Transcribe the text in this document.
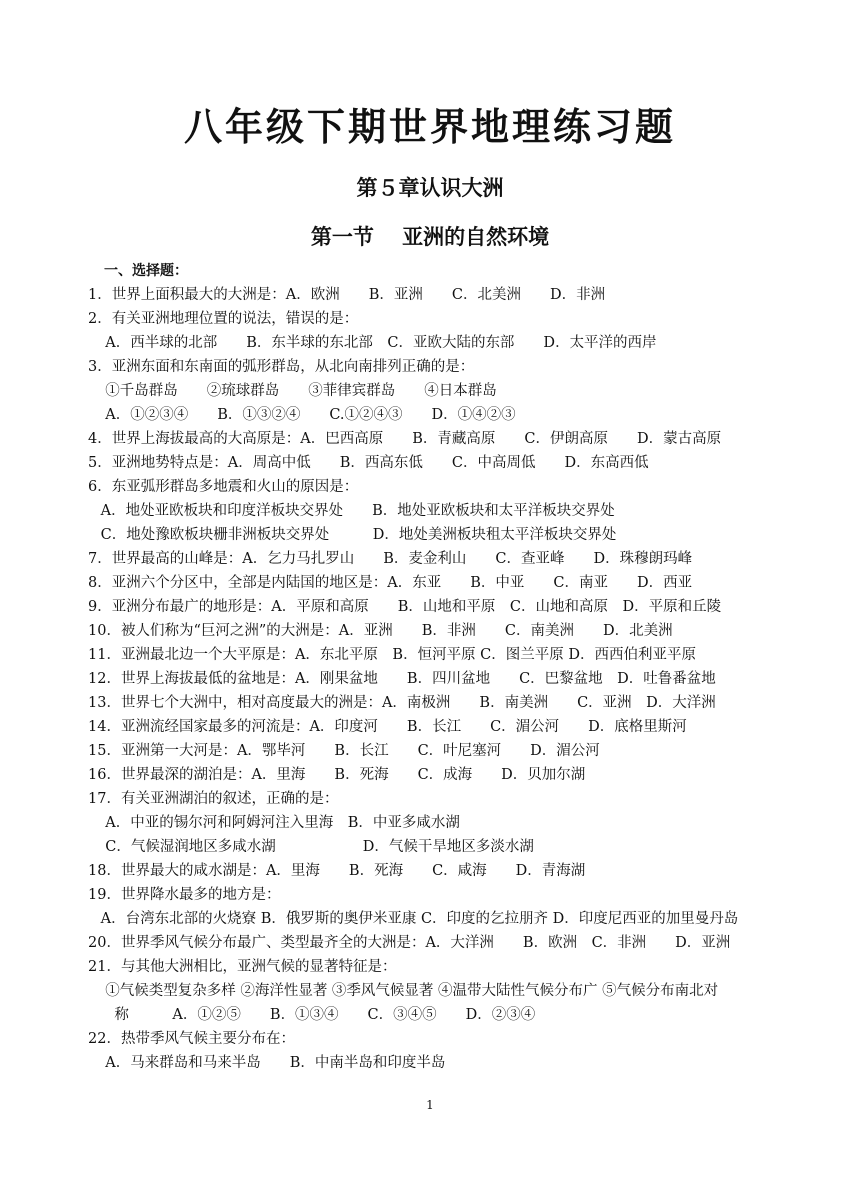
八年级下期世界地理练习题
第５章认识大洲
第一节　 亚洲的自然环境
一、选择题：
1．世界上面积最大的大洲是：A．欧洲　　B．亚洲　　C．北美洲　　D．非洲
2．有关亚洲地理位置的说法，错误的是：
A．西半球的北部　　B．东半球的东北部　C．亚欧大陆的东部　　D．太平洋的西岸
3．亚洲东面和东南面的弧形群岛，从北向南排列正确的是：
①千岛群岛　　②琉球群岛　　③菲律宾群岛　　④日本群岛
A．①②③④　　B．①③②④　　C.①②④③　　D．①④②③
4．世界上海拔最高的大高原是：A．巴西高原　　B．青藏高原　　C．伊朗高原　　D．蒙古高原
5．亚洲地势特点是：A．周高中低　　B．西高东低　　C．中高周低　　D．东高西低
6．东亚弧形群岛多地震和火山的原因是：
A．地处亚欧板块和印度洋板块交界处　　B．地处亚欧板块和太平洋板块交界处
C．地处豫欧板块栅非洲板块交界处　　　D．地处美洲板块租太平洋板块交界处
7．世界最高的山峰是：A．乞力马扎罗山　　B．麦金利山　　C．查亚峰　　D．珠穆朗玛峰
8．亚洲六个分区中，全部是内陆国的地区是：A．东亚　　B．中亚　　C．南亚　　D．西亚
9．亚洲分布最广的地形是：A．平原和高原　　B．山地和平原　C．山地和高原　D．平原和丘陵
10．被人们称为“巨河之洲”的大洲是：A．亚洲　　B．非洲　　C．南美洲　　D．北美洲
11．亚洲最北边一个大平原是：A．东北平原　B．恒河平原 C．图兰平原 D．西西伯利亚平原
12．世界上海拔最低的盆地是：A．刚果盆地　　B．四川盆地　　C．巴黎盆地　D．吐鲁番盆地
13．世界七个大洲中，相对高度最大的洲是：A．南极洲　　B．南美洲　　C．亚洲　D．大洋洲
14．亚洲流经国家最多的河流是：A．印度河　　B．长江　　C．湄公河　　D．底格里斯河
15．亚洲第一大河是：A．鄂毕河　　B．长江　　C．叶尼塞河　　D．湄公河
16．世界最深的湖泊是：A．里海　　B．死海　　C．成海　　D．贝加尔湖
17．有关亚洲湖泊的叙述，正确的是：
A．中亚的锡尔河和阿姆河注入里海　B．中亚多咸水湖
C．气候湿润地区多咸水湖　　　　　　D．气候干旱地区多淡水湖
18．世界最大的咸水湖是：A．里海　　B．死海　　C．咸海　　D．青海湖
19．世界降水最多的地方是：
A．台湾东北部的火烧寮 B．俄罗斯的奥伊米亚康 C．印度的乞拉朋齐 D．印度尼西亚的加里曼丹岛
20．世界季风气候分布最广、类型最齐全的大洲是：A．大洋洲　　B．欧洲　C．非洲　　D．亚洲
21．与其他大洲相比，亚洲气候的显著特征是：
①气候类型复杂多样 ②海洋性显著 ③季风气候显著 ④温带大陆性气候分布广 ⑤气候分布南北对
称　　　A．①②⑤　　B．①③④　　C．③④⑤　　D．②③④
22．热带季风气候主要分布在：
A．马来群岛和马来半岛　　B．中南半岛和印度半岛
1
